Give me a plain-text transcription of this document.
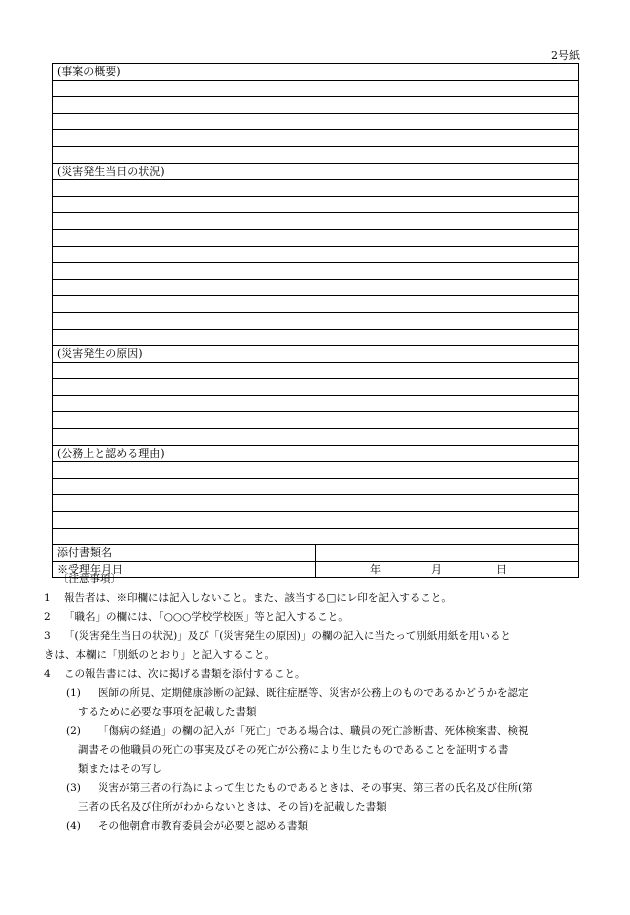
2号紙
(事案の概要)	

(災害発生当日の状況)	

(災害発生の原因)	

(公務上と認める理由)	

添付書類名	
※受理年月日	年 月 日
〔注意事項〕
1	報告者は、※印欄には記入しないこと。また、該当する□にレ印を記入すること。
2	「職名」の欄には、「○○○学校学校医」等と記入すること。
3	「(災害発生当日の状況)」及び「(災害発生の原因)」の欄の記入に当たって別紙用紙を用いると
きは、本欄に「別紙のとおり」と記入すること。
4	この報告書には、次に掲げる書類を添付すること。
(1) 医師の所見、定期健康診断の記録、既往症歴等、災害が公務上のものであるかどうかを認定
するために必要な事項を記載した書類
(2) 「傷病の経過」の欄の記入が「死亡」である場合は、職員の死亡診断書、死体検案書、検視
調書その他職員の死亡の事実及びその死亡が公務により生じたものであることを証明する書
類またはその写し
(3) 災害が第三者の行為によって生じたものであるときは、その事実、第三者の氏名及び住所(第
三者の氏名及び住所がわからないときは、その旨)を記載した書類
(4) その他朝倉市教育委員会が必要と認める書類
